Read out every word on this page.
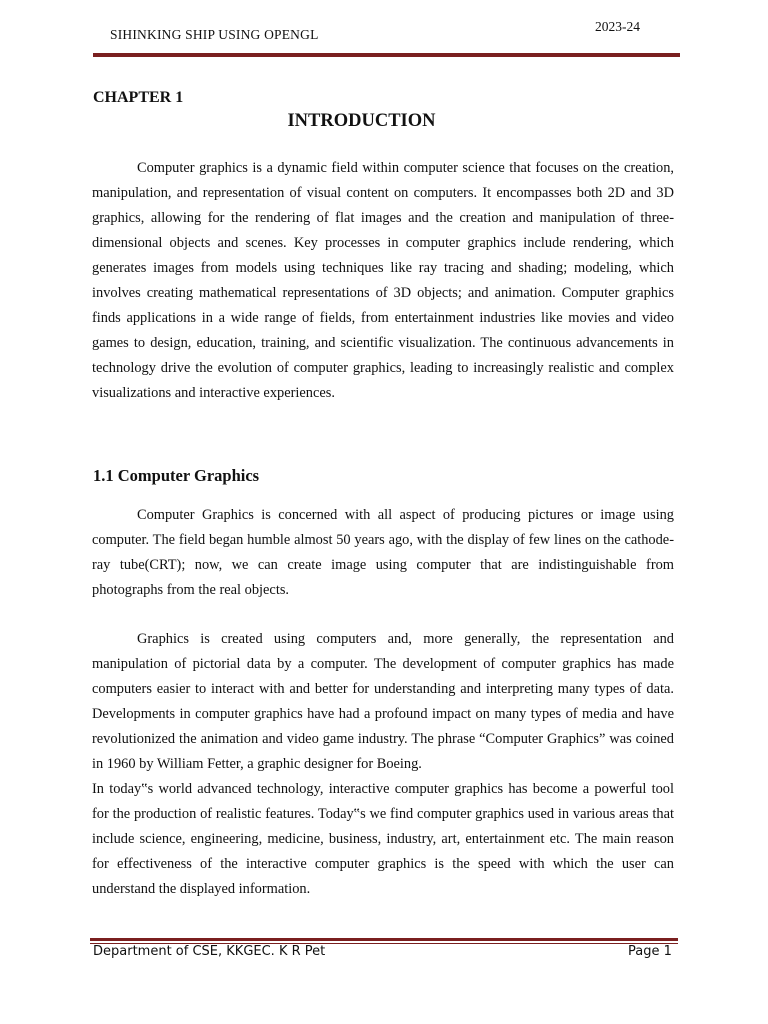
SIHINKING SHIP USING OPENGL
2023-24
CHAPTER 1
INTRODUCTION

Computer graphics is a dynamic field within computer science that focuses on the creation, manipulation, and representation of visual content on computers. It encompasses both 2D and 3D graphics, allowing for the rendering of flat images and the creation and manipulation of three-dimensional objects and scenes. Key processes in computer graphics include rendering, which generates images from models using techniques like ray tracing and shading; modeling, which involves creating mathematical representations of 3D objects; and animation. Computer graphics finds applications in a wide range of fields, from entertainment industries like movies and video games to design, education, training, and scientific visualization. The continuous advancements in technology drive the evolution of computer graphics, leading to increasingly realistic and complex visualizations and interactive experiences.

1.1 Computer Graphics

Computer Graphics is concerned with all aspect of producing pictures or image using computer. The field began humble almost 50 years ago, with the display of few lines on the cathode-ray tube(CRT); now, we can create image using computer that are indistinguishable from photographs from the real objects.

Graphics is created using computers and, more generally, the representation and manipulation of pictorial data by a computer. The development of computer graphics has made computers easier to interact with and better for understanding and interpreting many types of data. Developments in computer graphics have had a profound impact on many types of media and have revolutionized the animation and video game industry. The phrase “Computer Graphics” was coined in 1960 by William Fetter, a graphic designer for Boeing.

In today‟s world advanced technology, interactive computer graphics has become a powerful tool for the production of realistic features. Today‟s we find computer graphics used in various areas that include science, engineering, medicine, business, industry, art, entertainment etc. The main reason for effectiveness of the interactive computer graphics is the speed with which the user can understand the displayed information.

Department of CSE, KKGEC. K R Pet	Page 1
